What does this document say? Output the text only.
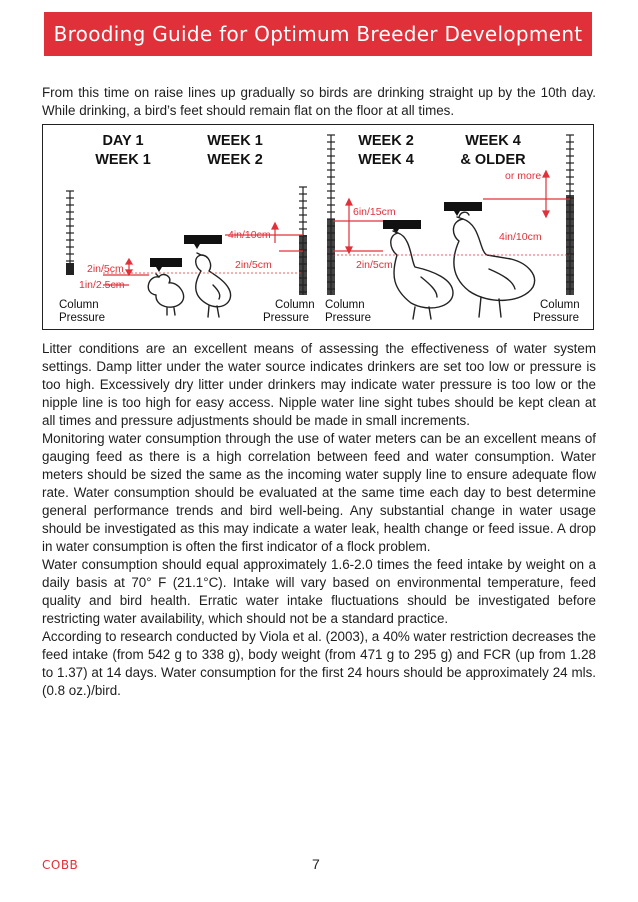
Brooding Guide for Optimum Breeder Development

From this time on raise lines up gradually so birds are drinking straight up by the 10th day. While drinking, a bird’s feet should remain flat on the floor at all times.

DAY 1
WEEK 1
WEEK 1
WEEK 2
WEEK 2
WEEK 4
WEEK 4
& OLDER
2in/5cm
1in/2.5cm
4in/10cm
2in/5cm
6in/15cm
2in/5cm
4in/10cm
or more
Column
Pressure
Column
Pressure
Column
Pressure
Column
Pressure

Litter conditions are an excellent means of assessing the effectiveness of water system settings. Damp litter under the water source indicates drinkers are set too low or pressure is too high. Excessively dry litter under drinkers may indicate water pressure is too low or the nipple line is too high for easy access. Nipple water line sight tubes should be kept clean at all times and pressure adjustments should be made in small increments.

Monitoring water consumption through the use of water meters can be an excellent means of gauging feed as there is a high correlation between feed and water consumption. Water meters should be sized the same as the incoming water supply line to ensure adequate flow rate. Water consumption should be evaluated at the same time each day to best determine general performance trends and bird well-being. Any substantial change in water usage should be investigated as this may indicate a water leak, health change or feed issue. A drop in water consumption is often the first indicator of a flock problem.

Water consumption should equal approximately 1.6-2.0 times the feed intake by weight on a daily basis at 70° F (21.1°C). Intake will vary based on environmental temperature, feed quality and bird health. Erratic water intake fluctuations should be investigated before restricting water availability, which should not be a standard practice.

According to research conducted by Viola et al. (2003), a 40% water restriction decreases the feed intake (from 542 g to 338 g), body weight (from 471 g to 295 g) and FCR (up from 1.28 to 1.37) at 14 days. Water consumption for the first 24 hours should be approximately 24 mls. (0.8 oz.)/bird.

COBB	7
